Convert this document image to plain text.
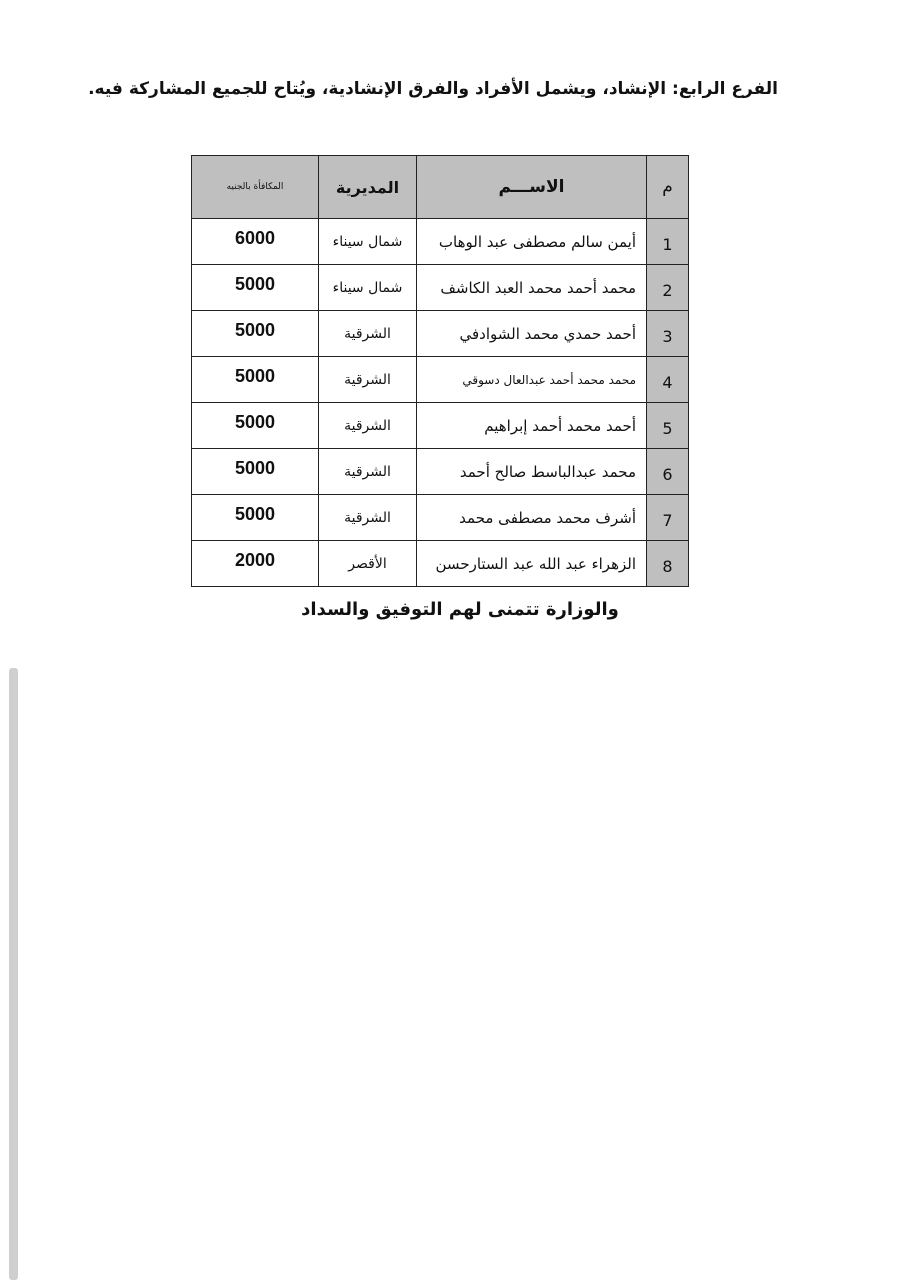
الفرع الرابع: الإنشاد، ويشمل الأفراد والفرق الإنشادية، ويُتاح للجميع المشاركة فيه.
م	الاســـم	المديرية	المكافأة بالجنيه
1	أيمن سالم مصطفى عبد الوهاب	شمال سيناء	6000
2	محمد أحمد محمد العبد الكاشف	شمال سيناء	5000
3	أحمد حمدي محمد الشوادفي	الشرقية	5000
4	محمد محمد أحمد عبدالعال دسوقي	الشرقية	5000
5	أحمد محمد أحمد إبراهيم	الشرقية	5000
6	محمد عبدالباسط صالح أحمد	الشرقية	5000
7	أشرف محمد مصطفى محمد	الشرقية	5000
8	الزهراء عبد الله عبد الستارحسن	الأقصر	2000
والوزارة تتمنى لهم التوفيق والسداد
